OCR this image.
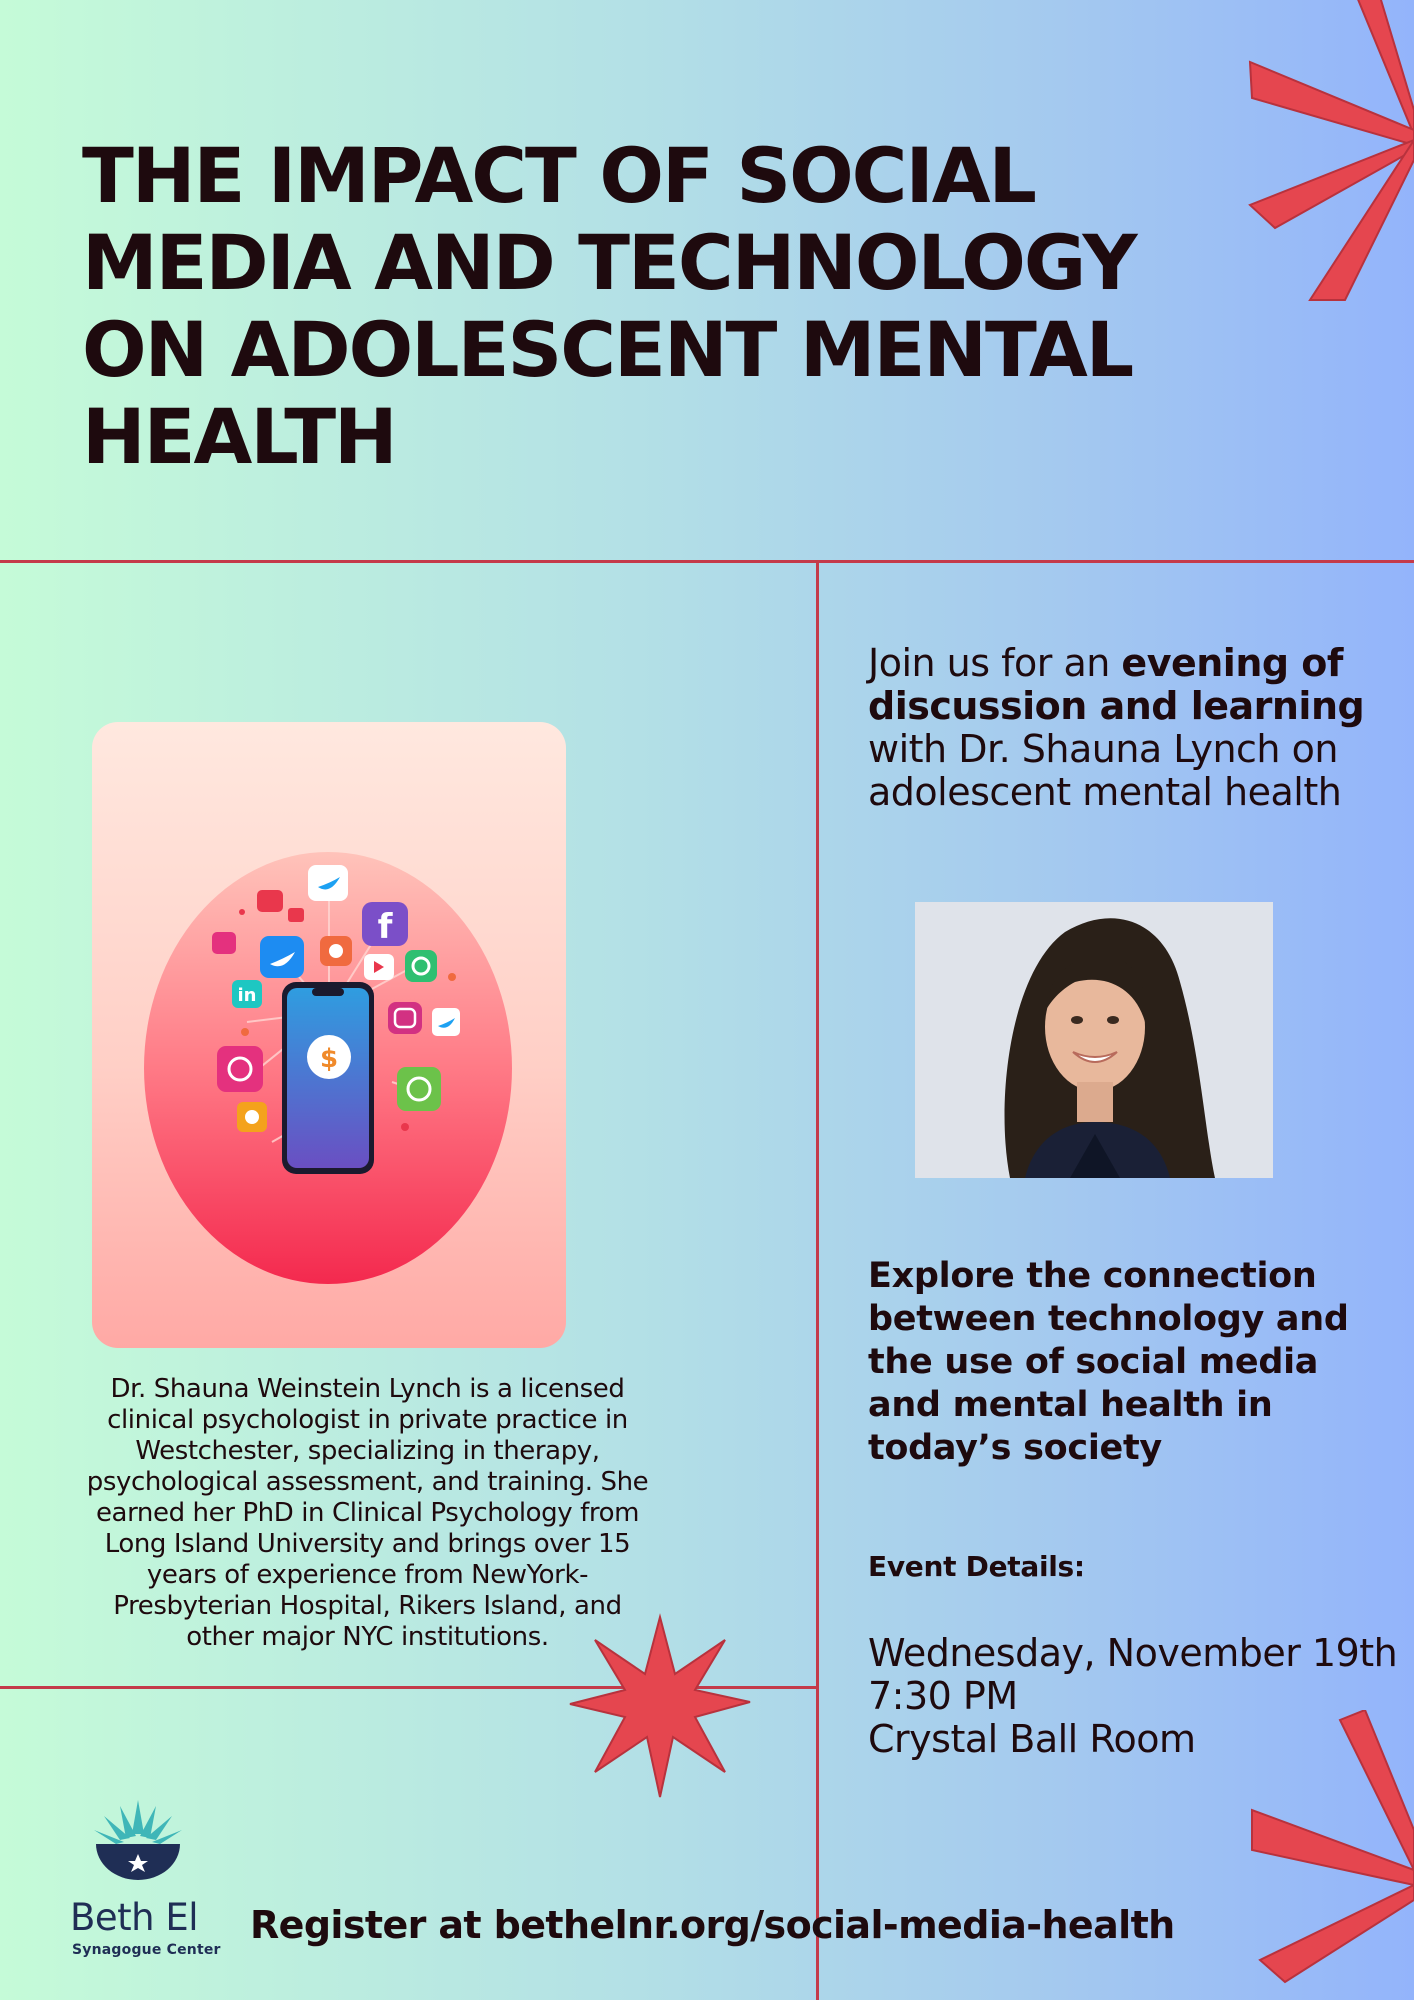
THE IMPACT OF SOCIAL MEDIA AND TECHNOLOGY ON ADOLESCENT MENTAL HEALTH
$
f
in
Dr. Shauna Weinstein Lynch is a licensed clinical psychologist in private practice in Westchester, specializing in therapy, psychological assessment, and training. She earned her PhD in Clinical Psychology from Long Island University and brings over 15 years of experience from NewYork-Presbyterian Hospital, Rikers Island, and other major NYC institutions.
Join us for an evening of discussion and learning with Dr. Shauna Lynch on adolescent mental health
Explore the connection between technology and the use of social media and mental health in today’s society
Event Details:
Wednesday, November 19th
7:30 PM
Crystal Ball Room
Beth El
Synagogue Center
Register at bethelnr.org/social-media-health
